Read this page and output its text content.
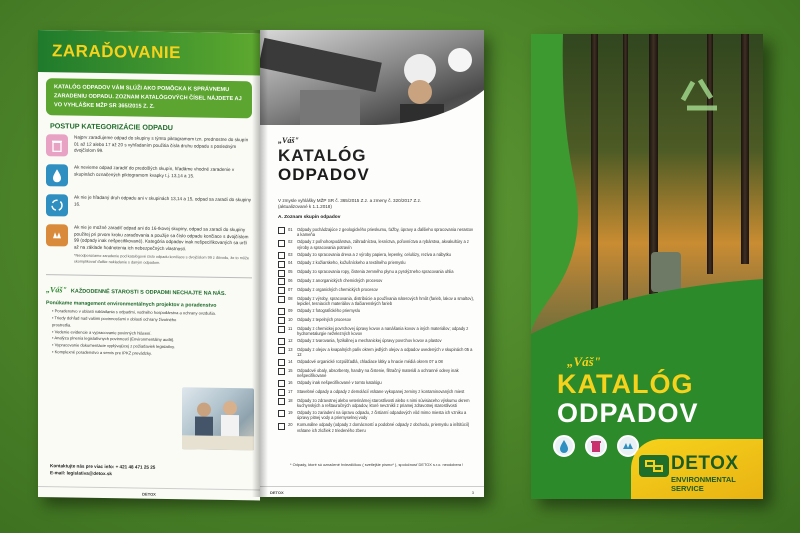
ZARAĎOVANIE
KATALÓG ODPADOV VÁM SLÚŽI AKO POMÔCKA K SPRÁVNEMU ZARADENIU ODPADU. ZOZNAM KATALÓGOVÝCH ČÍSEL NÁJDETE AJ VO VYHLÁŠKE MŽP SR 365/2015 Z. Z.
POSTUP KATEGORIZÁCIE ODPADU
Najprv zaraďujeme odpad do skupiny s týmto piktogramom tzn. prednostne do skupín 01 až 12 alebo 17 až 20 s vyhľadaním použitia čísla druhu odpadu s posledným dvojčíslom 99.
Ak nevieme odpad zaradiť do predošlých skupín, hľadáme vhodné zaradenie v skupinách označených piktogramom kvapky t.j. 13,14 a 15.
Ak nie je hľadaný druh odpadu ani v skupinách 13,14 a 15, odpad sa zaradí do skupiny 16.
Ak nie je možné zaradiť odpad ani do 16-tkovej skupiny, odpad sa zaradí do skupiny použitej pri prvom kroku zaraďovania a použije sa číslo odpadu končiace s dvojčíslom 99 (odpady inak nešpecifikované). Kategória odpadov inak nešpecifikovaných sa určí až na základe hodnotenia ich nebezpečných vlastností.
*Neodporúčame zaradenie pod katalógové číslo odpadu končiace s dvojčíslom 99 z dôvodu, že to môže skomplikovať ďalšie nakladanie s daným odpadom.
„Váš" KAŽDODENNÉ STAROSTI S ODPADMI NECHAJTE NA NÁS.
Ponúkame management environmentálnych projektov a poradenstvo
• Poradenstvo v oblasti nakladania s odpadmi, vodného hospodárstva a ochrany ovzdušia.
• Triedy dohľad nad vašimi povinnosťami v oblasti ochrany životného prostredia.
• Vedenie evidencie a vypracovanie povinných hlásení.
• Analýza plnenia legislatívnych povinností (Environmentálny audit).
• Vypracovanie dokumentácie vyplývajúcej z požiadaviek legislatívy.
• Komplexné poradenstvo a servis pre IPKZ prevádzky.
Kontaktujte nás pre viac info: + 421 48 471 25 25
E-mail: legislativa@detox.sk
DETOX
„Váš"
KATALÓG
ODPADOV
V zmysle vyhlášky MŽP SR č. 365/2015 Z.z. a zmeny č. 320/2017 Z.z.
(aktualizované k 1.1.2018)
A. Zoznam skupín odpadov
01	Odpady pochádzajúce z geologického prieskumu, ťažby, úpravy a ďalšieho spracovania nerastov a kameňa
02	Odpady z poľnohospodárstva, záhradníctva, lesníctva, poľovníctva a rybárstva, akvakultúry a z výroby a spracovania potravín
03	Odpady zo spracovania dreva a z výroby papiera, lepenky, celulózy, reziva a nábytku
04	Odpady z kožiarskeho, kožušníckeho a textilného priemyslu
05	Odpady zo spracovania ropy, čistenia zemného plynu a pyrolýzneho spracovania uhlia
06	Odpady z anorganických chemických procesov
07	Odpady z organických chemických procesov
08	Odpady z výroby, spracovania, distribúcie a používania náterových hmôt (farieb, lakov a smaltov), lepidiel, tesniacich materiálov a tlačiarenských farieb
09	Odpady z fotografického priemyslu
10	Odpady z tepelných procesov
11	Odpady z chemickej povrchovej úpravy kovov a nanášania kovov a iných materiálov; odpady z hydrometalurgie neželezných kovov
12	Odpady z tvarovania, fyzikálnej a mechanickej úpravy povrchov kovov a plastov
13	Odpady z olejov a kvapalných palív okrem jedlých olejov a odpadov uvedených v skupinách 05 a 12
14	Odpadové organické rozpúšťadlá, chladiace látky a hnacie médiá okrem 07 a 08
15	Odpadové obaly, absorbenty, handry na čistenie, filtračný materiál a ochranné odevy inak nešpecifikované
16	Odpady inak nešpecifikované v tomto katalógu
17	Stavebné odpady a odpady z demolácií vrátane vykopanej zeminy z kontaminovaných miest
18	Odpady zo zdravotnej alebo veterinárnej starostlivosti alebo s nimi súvisiaceho výskumu okrem kuchynských a reštauračných odpadov, ktoré nevznikli z priamej zdravotnej starostlivosti
19	Odpady zo zariadení na úpravu odpadu, z čistiarní odpadových vôd mimo miesta ich vzniku a úpravy pitnej vody a priemyselnej vody
20	Komunálne odpady (odpady z domácností a podobné odpady z obchodu, priemyslu a inštitúcií) vrátane ich zložiek z triedeného zberu
* Odpady, ktoré sú označené hviezdičkou ( svetlejšie písmo* ), spoločnosť DETOX s.r.o. neodobera !
DETOX	3
„Váš"
KATALÓG
ODPADOV
DETOX
ENVIRONMENTAL SERVICE
